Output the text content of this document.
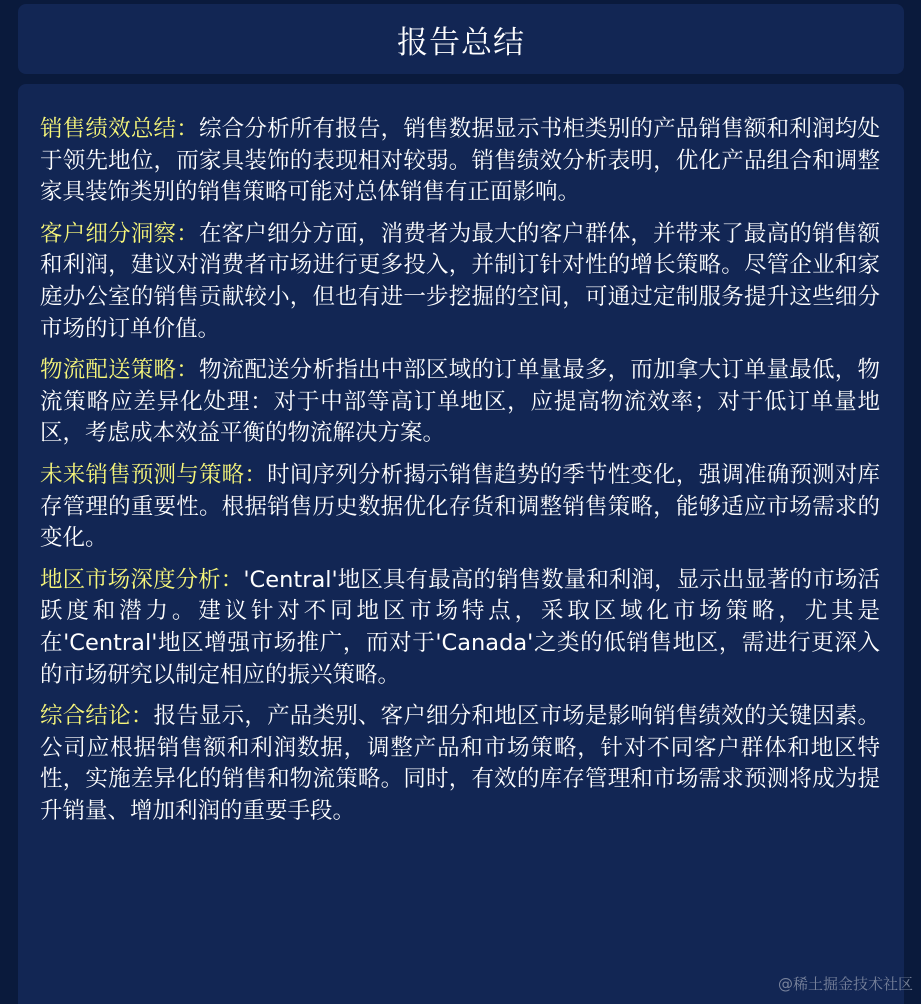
报告总结

销售绩效总结：综合分析所有报告，销售数据显示书柜类别的产品销售额和利润均处于领先地位，而家具装饰的表现相对较弱。销售绩效分析表明，优化产品组合和调整家具装饰类别的销售策略可能对总体销售有正面影响。

客户细分洞察：在客户细分方面，消费者为最大的客户群体，并带来了最高的销售额和利润，建议对消费者市场进行更多投入，并制订针对性的增长策略。尽管企业和家庭办公室的销售贡献较小，但也有进一步挖掘的空间，可通过定制服务提升这些细分市场的订单价值。

物流配送策略：物流配送分析指出中部区域的订单量最多，而加拿大订单量最低，物流策略应差异化处理：对于中部等高订单地区，应提高物流效率；对于低订单量地区，考虑成本效益平衡的物流解决方案。

未来销售预测与策略：时间序列分析揭示销售趋势的季节性变化，强调准确预测对库存管理的重要性。根据销售历史数据优化存货和调整销售策略，能够适应市场需求的变化。

地区市场深度分析：'Central'地区具有最高的销售数量和利润，显示出显著的市场活跃度和潜力。建议针对不同地区市场特点，采取区域化市场策略，尤其是在'Central'地区增强市场推广，而对于'Canada'之类的低销售地区，需进行更深入的市场研究以制定相应的振兴策略。

综合结论：报告显示，产品类别、客户细分和地区市场是影响销售绩效的关键因素。公司应根据销售额和利润数据，调整产品和市场策略，针对不同客户群体和地区特性，实施差异化的销售和物流策略。同时，有效的库存管理和市场需求预测将成为提升销量、增加利润的重要手段。

@稀土掘金技术社区
